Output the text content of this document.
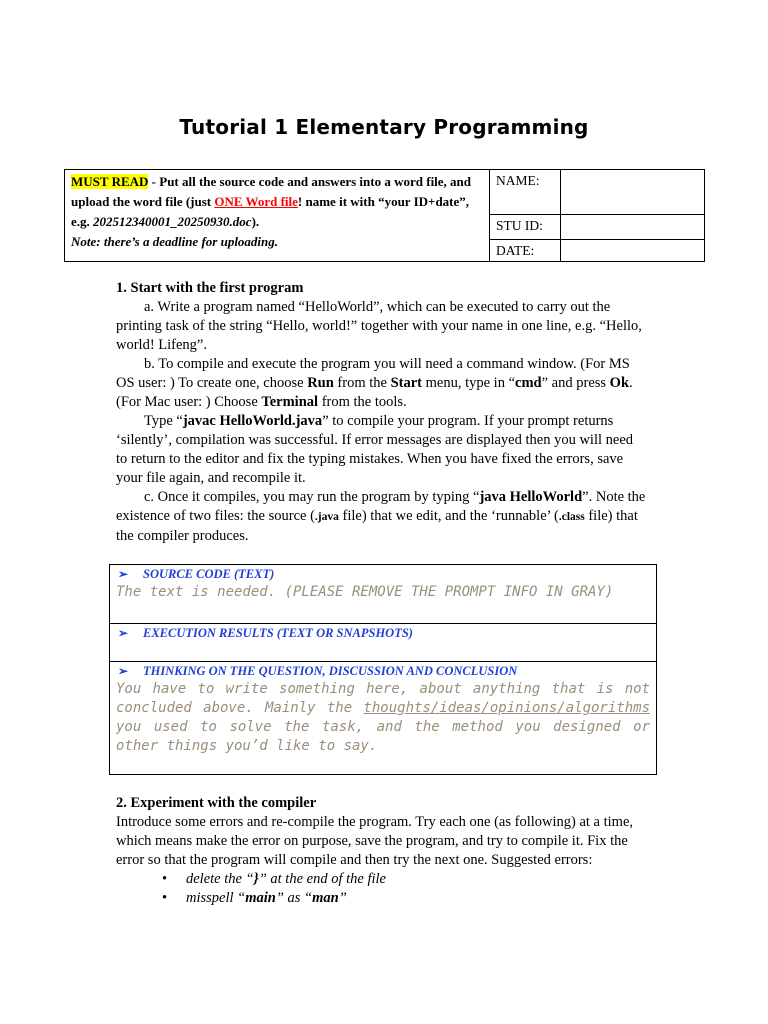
Tutorial 1 Elementary Programming
MUST READ - Put all the source code and answers into a word file, and upload the word file (just ONE Word file! name it with “your ID+date”, e.g. 202512340001_20250930.doc).
Note: there’s a deadline for uploading.	NAME:	
	STU ID:	
	DATE:	

1. Start with the first program

a. Write a program named “HelloWorld”, which can be executed to carry out the printing task of the string “Hello, world!” together with your name in one line, e.g. “Hello, world! Lifeng”.

b. To compile and execute the program you will need a command window. (For MS OS user: ) To create one, choose Run from the Start menu, type in “cmd” and press Ok. (For Mac user: ) Choose Terminal from the tools.

Type “javac HelloWorld.java” to compile your program. If your prompt returns ‘silently’, compilation was successful. If error messages are displayed then you will need to return to the editor and fix the typing mistakes. When you have fixed the errors, save your file again, and recompile it.

c. Once it compiles, you may run the program by typing “java HelloWorld”. Note the existence of two files: the source (.java file) that we edit, and the ‘runnable’ (.class file) that the compiler produces.

➢ SOURCE CODE (TEXT)
The text is needed. (PLEASE REMOVE THE PROMPT INFO IN GRAY)
➢ EXECUTION RESULTS (TEXT OR SNAPSHOTS)
➢ THINKING ON THE QUESTION, DISCUSSION AND CONCLUSION
You have to write something here, about anything that is not concluded above. Mainly the thoughts/ideas/opinions/algorithms you used to solve the task, and the method you designed or other things you’d like to say.

2. Experiment with the compiler

Introduce some errors and re-compile the program. Try each one (as following) at a time, which means make the error on purpose, save the program, and try to compile it. Fix the error so that the program will compile and then try the next one. Suggested errors:

• delete the “}” at the end of the file
• misspell “main” as “man”
